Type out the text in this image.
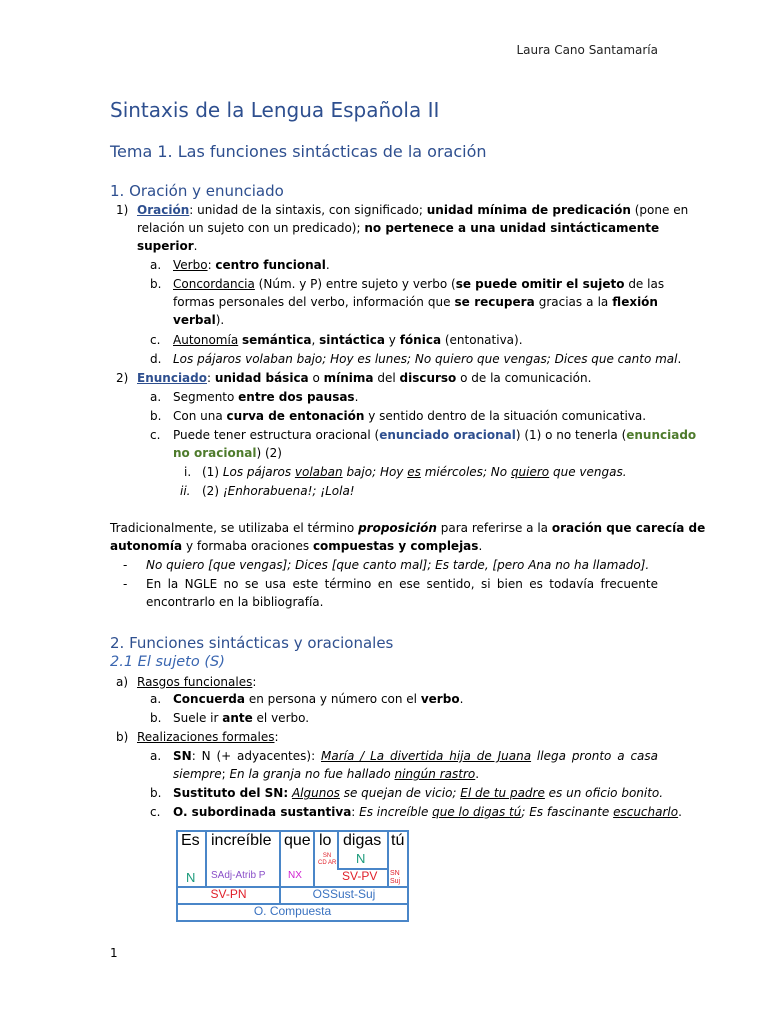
Laura Cano Santamaría
Sintaxis de la Lengua Española II
Tema 1. Las funciones sintácticas de la oración
1. Oración y enunciado
1) Oración: unidad de la sintaxis, con significado; unidad mínima de predicación (pone en
relación un sujeto con un predicado); no pertenece a una unidad sintácticamente
superior.
a. Verbo: centro funcional.
b. Concordancia (Núm. y P) entre sujeto y verbo (se puede omitir el sujeto de las
formas personales del verbo, información que se recupera gracias a la flexión
verbal).
c. Autonomía semántica, sintáctica y fónica (entonativa).
d. Los pájaros volaban bajo; Hoy es lunes; No quiero que vengas; Dices que canto mal.
2) Enunciado: unidad básica o mínima del discurso o de la comunicación.
a. Segmento entre dos pausas.
b. Con una curva de entonación y sentido dentro de la situación comunicativa.
c. Puede tener estructura oracional (enunciado oracional) (1) o no tenerla (enunciado
no oracional) (2)
i. (1) Los pájaros volaban bajo; Hoy es miércoles; No quiero que vengas.
ii. (2) ¡Enhorabuena!; ¡Lola!
Tradicionalmente, se utilizaba el término proposición para referirse a la oración que carecía de
autonomía y formaba oraciones compuestas y complejas.
- No quiero [que vengas]; Dices [que canto mal]; Es tarde, [pero Ana no ha llamado].
- En la NGLE no se usa este término en ese sentido, si bien es todavía frecuente
encontrarlo en la bibliografía.
2. Funciones sintácticas y oracionales
2.1 El sujeto (S)
a) Rasgos funcionales:
a. Concuerda en persona y número con el verbo.
b. Suele ir ante el verbo.
b) Realizaciones formales:
a. SN: N (+ adyacentes): María / La divertida hija de Juana llega pronto a casa
siempre; En la granja no fue hallado ningún rastro.
b. Sustituto del SN: Algunos se quejan de vicio; El de tu padre es un oficio bonito.
c. O. subordinada sustantiva: Es increíble que lo digas tú; Es fascinante escucharlo.
Es increíble que lo digas tú
SN
CD AR N
N SAdj-Atrib P NX	SV-PV SN
Suj
SV-PN	OSSust-Suj
O. Compuesta
1
